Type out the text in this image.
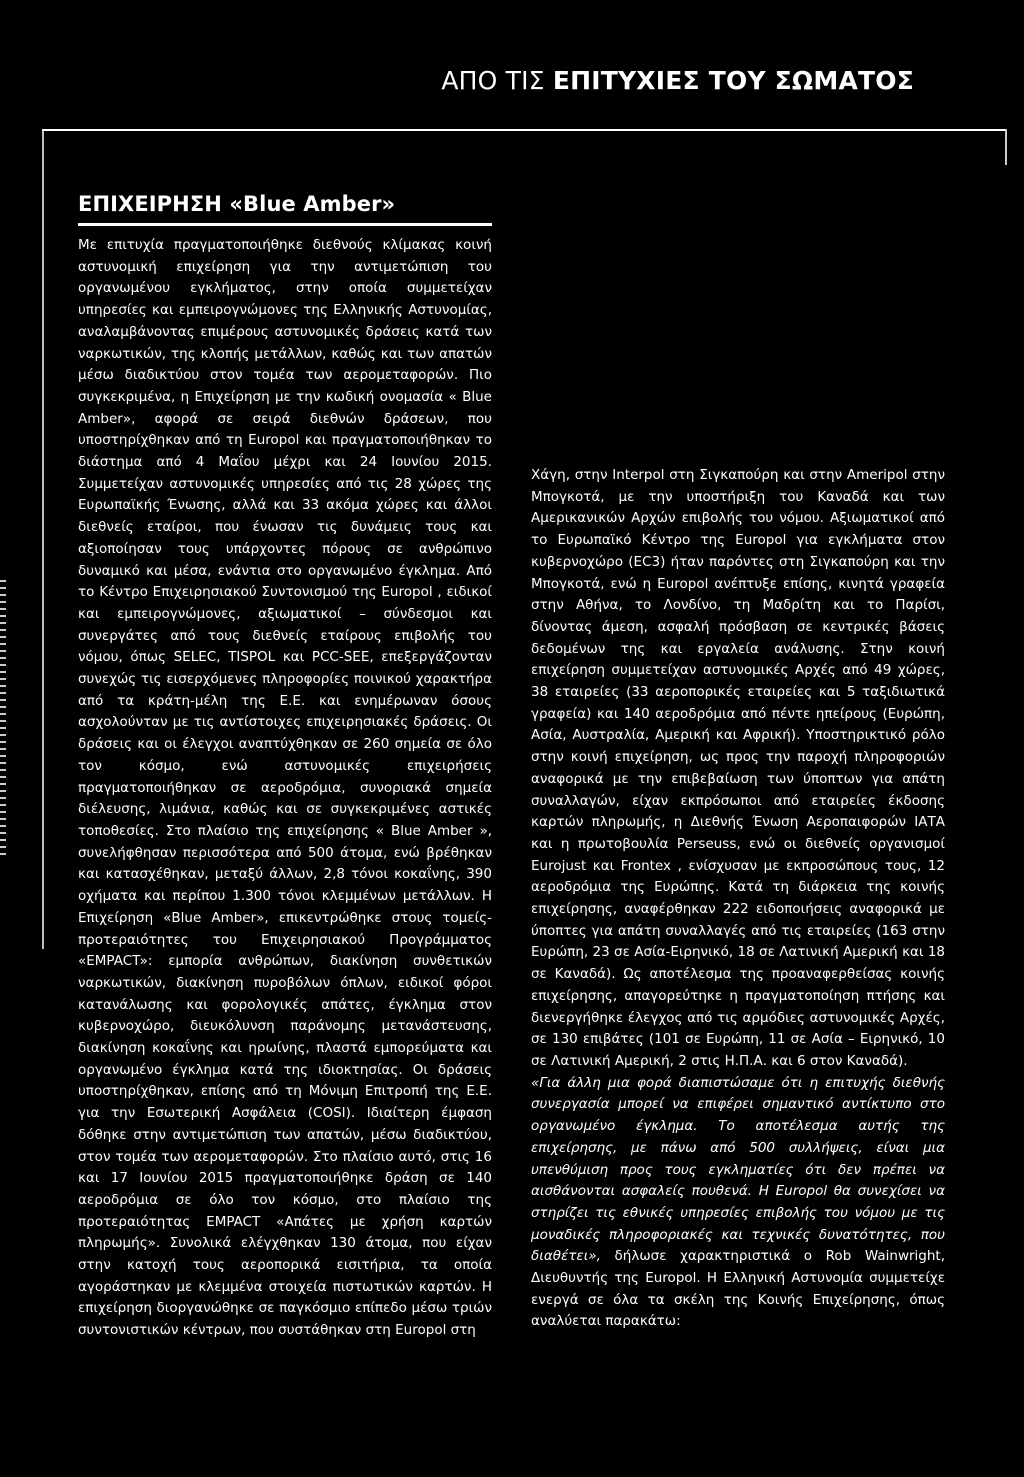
ΑΠΟ ΤΙΣ ΕΠΙΤΥΧΙΕΣ ΤΟΥ ΣΩΜΑΤΟΣ
ΕΠΙΧΕΙΡΗΣΗ «Blue Amber»

Με επιτυχία πραγματοποιήθηκε διεθνούς κλίμακας κοινή αστυνομική επιχείρηση για την αντιμετώπιση του οργανωμένου εγκλήματος, στην οποία συμμετείχαν υπηρεσίες και εμπειρογνώμονες της Ελληνικής Αστυνομίας, αναλαμβάνοντας επιμέρους αστυνομικές δράσεις κατά των ναρκωτικών, της κλοπής μετάλλων, καθώς και των απατών μέσω διαδικτύου στον τομέα των αερομεταφορών. Πιο συγκεκριμένα, η Επιχείρηση με την κωδική ονομασία « Blue Amber», αφορά σε σειρά διεθνών δράσεων, που υποστηρίχθηκαν από τη Europol και πραγματοποιήθηκαν το διάστημα από 4 Μαΐου μέχρι και 24 Ιουνίου 2015. Συμμετείχαν αστυνομικές υπηρεσίες από τις 28 χώρες της Ευρωπαϊκής Ένωσης, αλλά και 33 ακόμα χώρες και άλλοι διεθνείς εταίροι, που ένωσαν τις δυνάμεις τους και αξιοποίησαν τους υπάρχοντες πόρους σε ανθρώπινο δυναμικό και μέσα, ενάντια στο οργανωμένο έγκλημα. Από το Κέντρο Επιχειρησιακού Συντονισμού της Europol , ειδικοί και εμπειρογνώμονες, αξιωματικοί – σύνδεσμοι και συνεργάτες από τους διεθνείς εταίρους επιβολής του νόμου, όπως SELEC, TISPOL και PCC-SEE, επεξεργάζονταν συνεχώς τις εισερχόμενες πληροφορίες ποινικού χαρακτήρα από τα κράτη-μέλη της Ε.Ε. και ενημέρωναν όσους ασχολούνταν με τις αντίστοιχες επιχειρησιακές δράσεις. Οι δράσεις και οι έλεγχοι αναπτύχθηκαν σε 260 σημεία σε όλο τον κόσμο, ενώ αστυνομικές επιχειρήσεις πραγματοποιήθηκαν σε αεροδρόμια, συνοριακά σημεία διέλευσης, λιμάνια, καθώς και σε συγκεκριμένες αστικές τοποθεσίες. Στο πλαίσιο της επιχείρησης « Blue Amber », συνελήφθησαν περισσότερα από 500 άτομα, ενώ βρέθηκαν και κατασχέθηκαν, μεταξύ άλλων, 2,8 τόνοι κοκαΐνης, 390 οχήματα και περίπου 1.300 τόνοι κλεμμένων μετάλλων. Η Επιχείρηση «Blue Amber», επικεντρώθηκε στους τομείς-προτεραιότητες του Επιχειρησιακού Προγράμματος «EMPACT»: εμπορία ανθρώπων, διακίνηση συνθετικών ναρκωτικών, διακίνηση πυροβόλων όπλων, ειδικοί φόροι κατανάλωσης και φορολογικές απάτες, έγκλημα στον κυβερνοχώρο, διευκόλυνση παράνομης μετανάστευσης, διακίνηση κοκαΐνης και ηρωίνης, πλαστά εμπορεύματα και οργανωμένο έγκλημα κατά της ιδιοκτησίας. Οι δράσεις υποστηρίχθηκαν, επίσης από τη Μόνιμη Επιτροπή της Ε.Ε. για την Εσωτερική Ασφάλεια (COSI). Ιδιαίτερη έμφαση δόθηκε στην αντιμετώπιση των απατών, μέσω διαδικτύου, στον τομέα των αερομεταφορών. Στο πλαίσιο αυτό, στις 16 και 17 Ιουνίου 2015 πραγματοποιήθηκε δράση σε 140 αεροδρόμια σε όλο τον κόσμο, στο πλαίσιο της προτεραιότητας EMPACT «Απάτες με χρήση καρτών πληρωμής». Συνολικά ελέγχθηκαν 130 άτομα, που είχαν στην κατοχή τους αεροπορικά εισιτήρια, τα οποία αγοράστηκαν με κλεμμένα στοιχεία πιστωτικών καρτών. Η επιχείρηση διοργανώθηκε σε παγκόσμιο επίπεδο μέσω τριών συντονιστικών κέντρων, που συστάθηκαν στη Europol στη

Χάγη, στην Interpol στη Σιγκαπούρη και στην Ameripol στην Μπογκοτά, με την υποστήριξη του Καναδά και των Αμερικανικών Αρχών επιβολής του νόμου. Αξιωματικοί από το Ευρωπαϊκό Κέντρο της Europol για εγκλήματα στον κυβερνοχώρο (EC3) ήταν παρόντες στη Σιγκαπούρη και την Μπογκοτά, ενώ η Europol ανέπτυξε επίσης, κινητά γραφεία στην Αθήνα, το Λονδίνο, τη Μαδρίτη και το Παρίσι, δίνοντας άμεση, ασφαλή πρόσβαση σε κεντρικές βάσεις δεδομένων της και εργαλεία ανάλυσης. Στην κοινή επιχείρηση συμμετείχαν αστυνομικές Αρχές από 49 χώρες, 38 εταιρείες (33 αεροπορικές εταιρείες και 5 ταξιδιωτικά γραφεία) και 140 αεροδρόμια από πέντε ηπείρους (Ευρώπη, Ασία, Αυστραλία, Αμερική και Αφρική). Υποστηρικτικό ρόλο στην κοινή επιχείρηση, ως προς την παροχή πληροφοριών αναφορικά με την επιβεβαίωση των ύποπτων για απάτη συναλλαγών, είχαν εκπρόσωποι από εταιρείες έκδοσης καρτών πληρωμής, η Διεθνής Ένωση Αεροπαιφορών ΙΑΤΑ και η πρωτοβουλία Perseuss, ενώ οι διεθνείς οργανισμοί Eurojust και Frontex , ενίσχυσαν με εκπροσώπους τους, 12 αεροδρόμια της Ευρώπης. Κατά τη διάρκεια της κοινής επιχείρησης, αναφέρθηκαν 222 ειδοποιήσεις αναφορικά με ύποπτες για απάτη συναλλαγές από τις εταιρείες (163 στην Ευρώπη, 23 σε Ασία-Ειρηνικό, 18 σε Λατινική Αμερική και 18 σε Καναδά). Ως αποτέλεσμα της προαναφερθείσας κοινής επιχείρησης, απαγορεύτηκε η πραγματοποίηση πτήσης και διενεργήθηκε έλεγχος από τις αρμόδιες αστυνομικές Αρχές, σε 130 επιβάτες (101 σε Ευρώπη, 11 σε Ασία – Ειρηνικό, 10 σε Λατινική Αμερική, 2 στις Η.Π.Α. και 6 στον Καναδά).

«Για άλλη μια φορά διαπιστώσαμε ότι η επιτυχής διεθνής συνεργασία μπορεί να επιφέρει σημαντικό αντίκτυπο στο οργανωμένο έγκλημα. Το αποτέλεσμα αυτής της επιχείρησης, με πάνω από 500 συλλήψεις, είναι μια υπενθύμιση προς τους εγκληματίες ότι δεν πρέπει να αισθάνονται ασφαλείς πουθενά. Η Europol θα συνεχίσει να στηρίζει τις εθνικές υπηρεσίες επιβολής του νόμου με τις μοναδικές πληροφοριακές και τεχνικές δυνατότητες, που διαθέτει», δήλωσε χαρακτηριστικά ο Rob Wainwright, Διευθυντής της Europol. Η Ελληνική Αστυνομία συμμετείχε ενεργά σε όλα τα σκέλη της Κοινής Επιχείρησης, όπως αναλύεται παρακάτω:
